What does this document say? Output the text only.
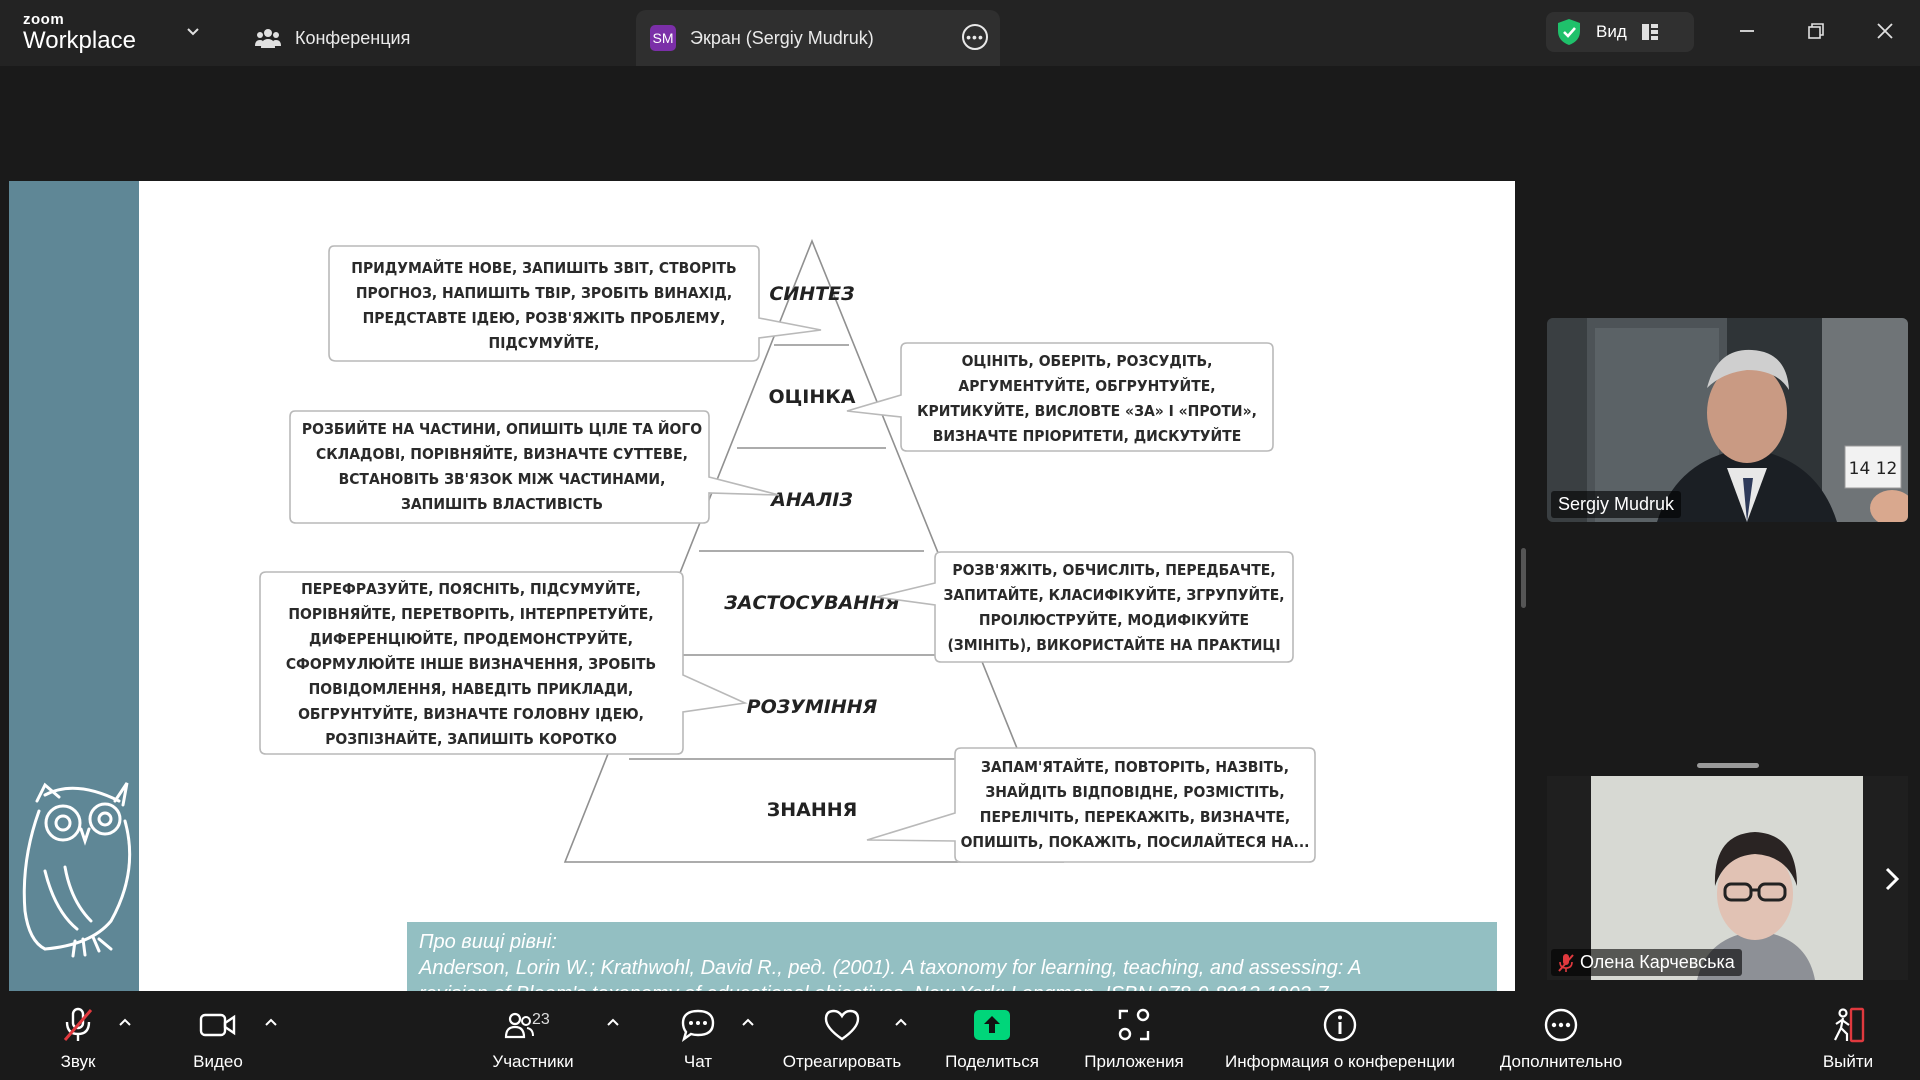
zoom
Workplace	Конференция	SM Экран (Sergiy Mudruk)	•••	Вид
СИНТЕЗ
ОЦІНКА
АНАЛІЗ
ЗАСТОСУВАННЯ
РОЗУМІННЯ
ЗНАННЯ
ПРИДУМАЙТЕ НОВЕ, ЗАПИШІТЬ ЗВІТ, СТВОРІТЬ
ПРОГНОЗ, НАПИШІТЬ ТВІР, ЗРОБІТЬ ВИНАХІД,
ПРЕДСТАВТЕ ІДЕЮ, РОЗВ'ЯЖІТЬ ПРОБЛЕМУ,
ПІДСУМУЙТЕ,
ОЦІНІТЬ, ОБЕРІТЬ, РОЗСУДІТЬ,
АРГУМЕНТУЙТЕ, ОБГРУНТУЙТЕ,
КРИТИКУЙТЕ, ВИСЛОВТЕ «ЗА» І «ПРОТИ»,
ВИЗНАЧТЕ ПРІОРИТЕТИ, ДИСКУТУЙТЕ
РОЗБИЙТЕ НА ЧАСТИНИ, ОПИШІТЬ ЦІЛЕ ТА ЙОГО
СКЛАДОВІ, ПОРІВНЯЙТЕ, ВИЗНАЧТЕ СУТТЕВЕ,
ВСТАНОВІТЬ ЗВ'ЯЗОК МІЖ ЧАСТИНАМИ,
ЗАПИШІТЬ ВЛАСТИВІСТЬ
РОЗВ'ЯЖІТЬ, ОБЧИСЛІТЬ, ПЕРЕДБАЧТЕ,
ЗАПИТАЙТЕ, КЛАСИФІКУЙТЕ, ЗГРУПУЙТЕ,
ПРОІЛЮСТРУЙТЕ, МОДИФІКУЙТЕ
(ЗМІНІТЬ), ВИКОРИСТАЙТЕ НА ПРАКТИЦІ
ПЕРЕФРАЗУЙТЕ, ПОЯСНІТЬ, ПІДСУМУЙТЕ,
ПОРІВНЯЙТЕ, ПЕРЕТВОРІТЬ, ІНТЕРПРЕТУЙТЕ,
ДИФЕРЕНЦІЮЙТЕ, ПРОДЕМОНСТРУЙТЕ,
СФОРМУЛЮЙТЕ ІНШЕ ВИЗНАЧЕННЯ, ЗРОБІТЬ
ПОВІДОМЛЕННЯ, НАВЕДІТЬ ПРИКЛАДИ,
ОБГРУНТУЙТЕ, ВИЗНАЧТЕ ГОЛОВНУ ІДЕЮ,
РОЗПІЗНАЙТЕ, ЗАПИШІТЬ КОРОТКО
ЗАПАМ'ЯТАЙТЕ, ПОВТОРІТЬ, НАЗВІТЬ,
ЗНАЙДІТЬ ВІДПОВІДНЕ, РОЗМІСТІТЬ,
ПЕРЕЛІЧІТЬ, ПЕРЕКАЖІТЬ, ВИЗНАЧТЕ,
ОПИШІТЬ, ПОКАЖІТЬ, ПОСИЛАЙТЕСЯ НА...
Про вищі рівні:
Anderson, Lorin W.; Krathwohl, David R., ред. (2001). A taxonomy for learning, teaching, and assessing: A
14 12
Sergiy Mudruk
Олена Карчевська
Звук	Видео
23
Участники	Чат	Отреагировать	Поделиться	Приложения Информация о конференции	Дополнительно	Выйти
